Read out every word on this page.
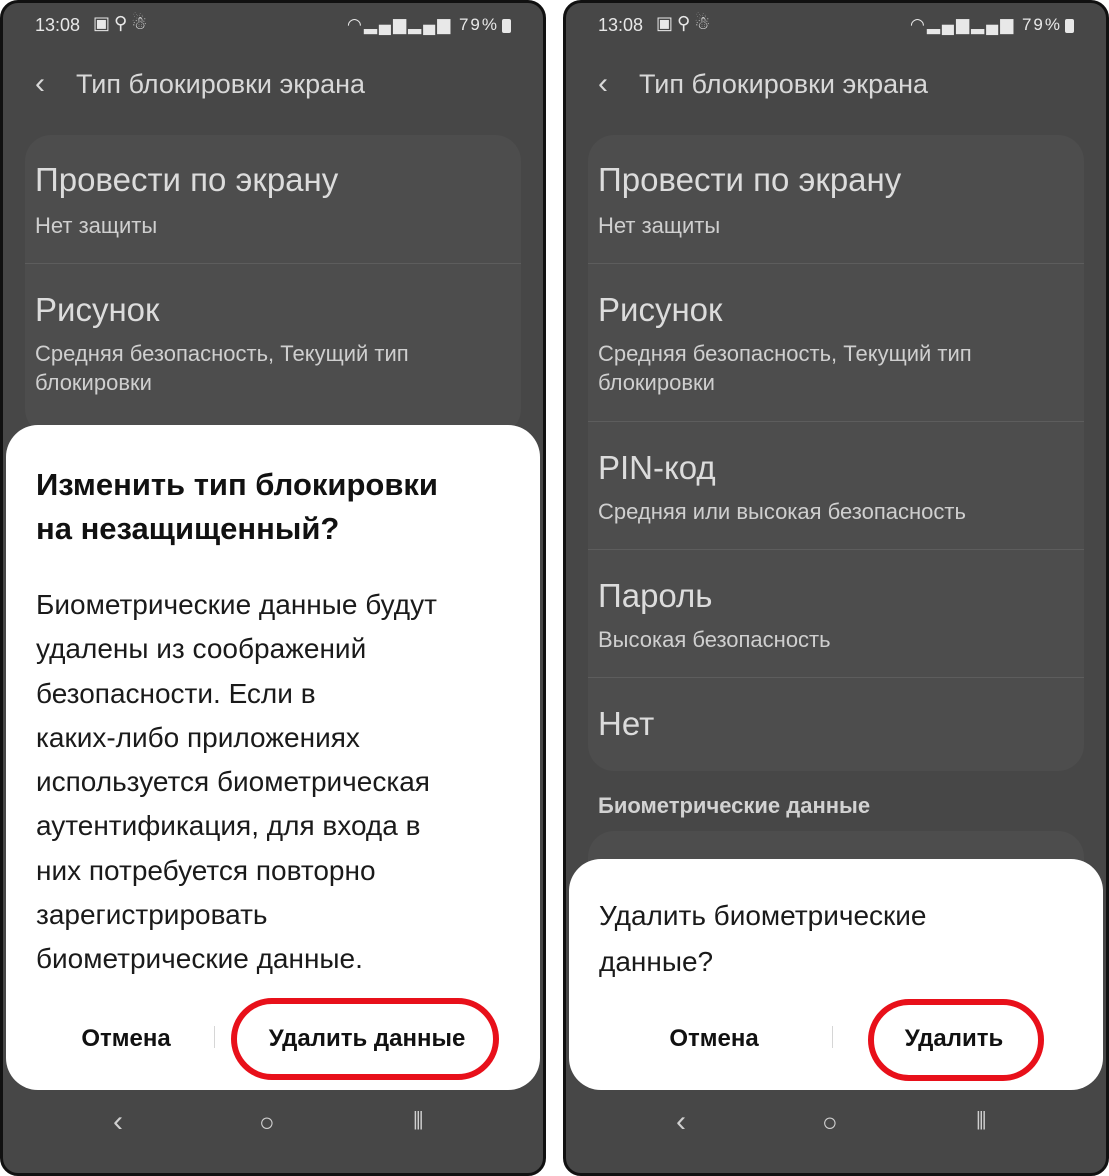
13:08 ▣⚲☃	◠▂▄▆▂▄▆ 79%
‹ Тип блокировки экрана
Провести по экрану
Нет защиты
Рисунок
Средняя безопасность, Текущий тип
блокировки
Изменить тип блокировки
на незащищенный?
Биометрические данные будут
удалены из соображений
безопасности. Если в
каких-либо приложениях
используется биометрическая
аутентификация, для входа в
них потребуется повторно
зарегистрировать
биометрические данные.
Отмена	Удалить данные
‹	○	⦀
13:08 ▣⚲☃	◠▂▄▆▂▄▆ 79%
‹ Тип блокировки экрана
Провести по экрану
Нет защиты
Рисунок
Средняя безопасность, Текущий тип
блокировки
PIN-код
Средняя или высокая безопасность
Пароль
Высокая безопасность
Нет
Биометрические данные
Удалить биометрические
данные?
Отмена	Удалить
‹	○	⦀
